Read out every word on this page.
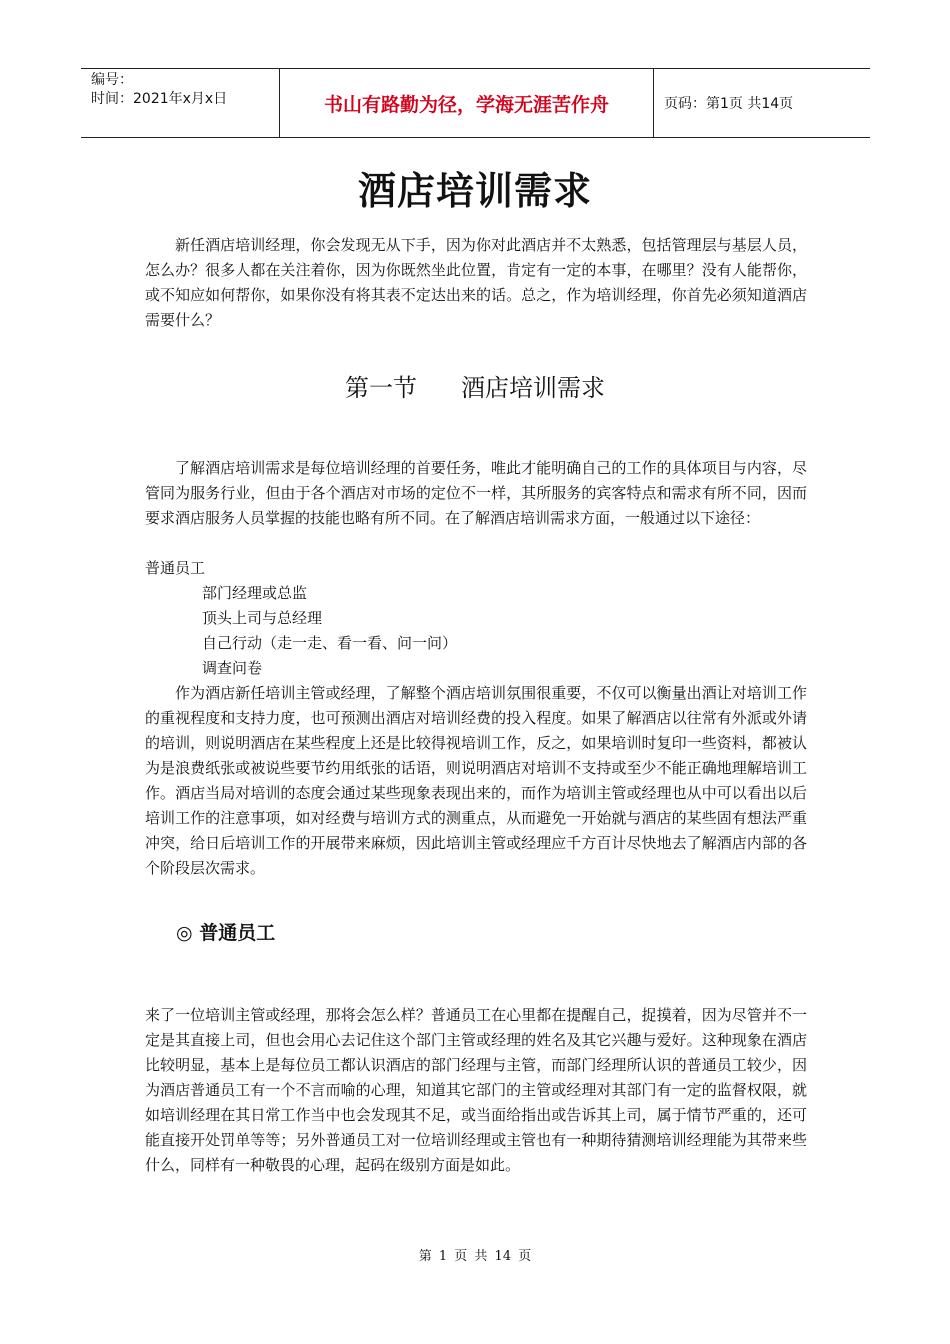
编号：
时间：2021年x月x日	书山有路勤为径，学海无涯苦作舟	页码：第1页 共14页
酒店培训需求

新任酒店培训经理，你会发现无从下手，因为你对此酒店并不太熟悉，包括管理层与基层人员，怎么办？很多人都在关注着你，因为你既然坐此位置，肯定有一定的本事，在哪里？没有人能帮你，或不知应如何帮你，如果你没有将其表不定达出来的话。总之，作为培训经理，你首先必须知道酒店需要什么？

第一节 酒店培训需求

了解酒店培训需求是每位培训经理的首要任务，唯此才能明确自己的工作的具体项目与内容，尽管同为服务行业，但由于各个酒店对市场的定位不一样，其所服务的宾客特点和需求有所不同，因而要求酒店服务人员掌握的技能也略有所不同。在了解酒店培训需求方面，一般通过以下途径：

普通员工

部门经理或总监

顶头上司与总经理

自己行动（走一走、看一看、问一问）

调查问卷

作为酒店新任培训主管或经理，了解整个酒店培训氛围很重要，不仅可以衡量出酒让对培训工作的重视程度和支持力度，也可预测出酒店对培训经费的投入程度。如果了解酒店以往常有外派或外请的培训，则说明酒店在某些程度上还是比较得视培训工作，反之，如果培训时复印一些资料，都被认为是浪费纸张或被说些要节约用纸张的话语，则说明酒店对培训不支持或至少不能正确地理解培训工作。酒店当局对培训的态度会通过某些现象表现出来的，而作为培训主管或经理也从中可以看出以后培训工作的注意事项，如对经费与培训方式的测重点，从而避免一开始就与酒店的某些固有想法严重冲突，给日后培训工作的开展带来麻烦，因此培训主管或经理应千方百计尽快地去了解酒店内部的各个阶段层次需求。

◎ 普通员工

来了一位培训主管或经理，那将会怎么样？普通员工在心里都在提醒自己，捉摸着，因为尽管并不一定是其直接上司，但也会用心去记住这个部门主管或经理的姓名及其它兴趣与爱好。这种现象在酒店比较明显，基本上是每位员工都认识酒店的部门经理与主管，而部门经理所认识的普通员工较少，因为酒店普通员工有一个不言而喻的心理，知道其它部门的主管或经理对其部门有一定的监督权限，就如培训经理在其日常工作当中也会发现其不足，或当面给指出或告诉其上司，属于情节严重的，还可能直接开处罚单等等；另外普通员工对一位培训经理或主管也有一种期待猜测培训经理能为其带来些什么，同样有一种敬畏的心理，起码在级别方面是如此。

第 1 页 共 14 页
